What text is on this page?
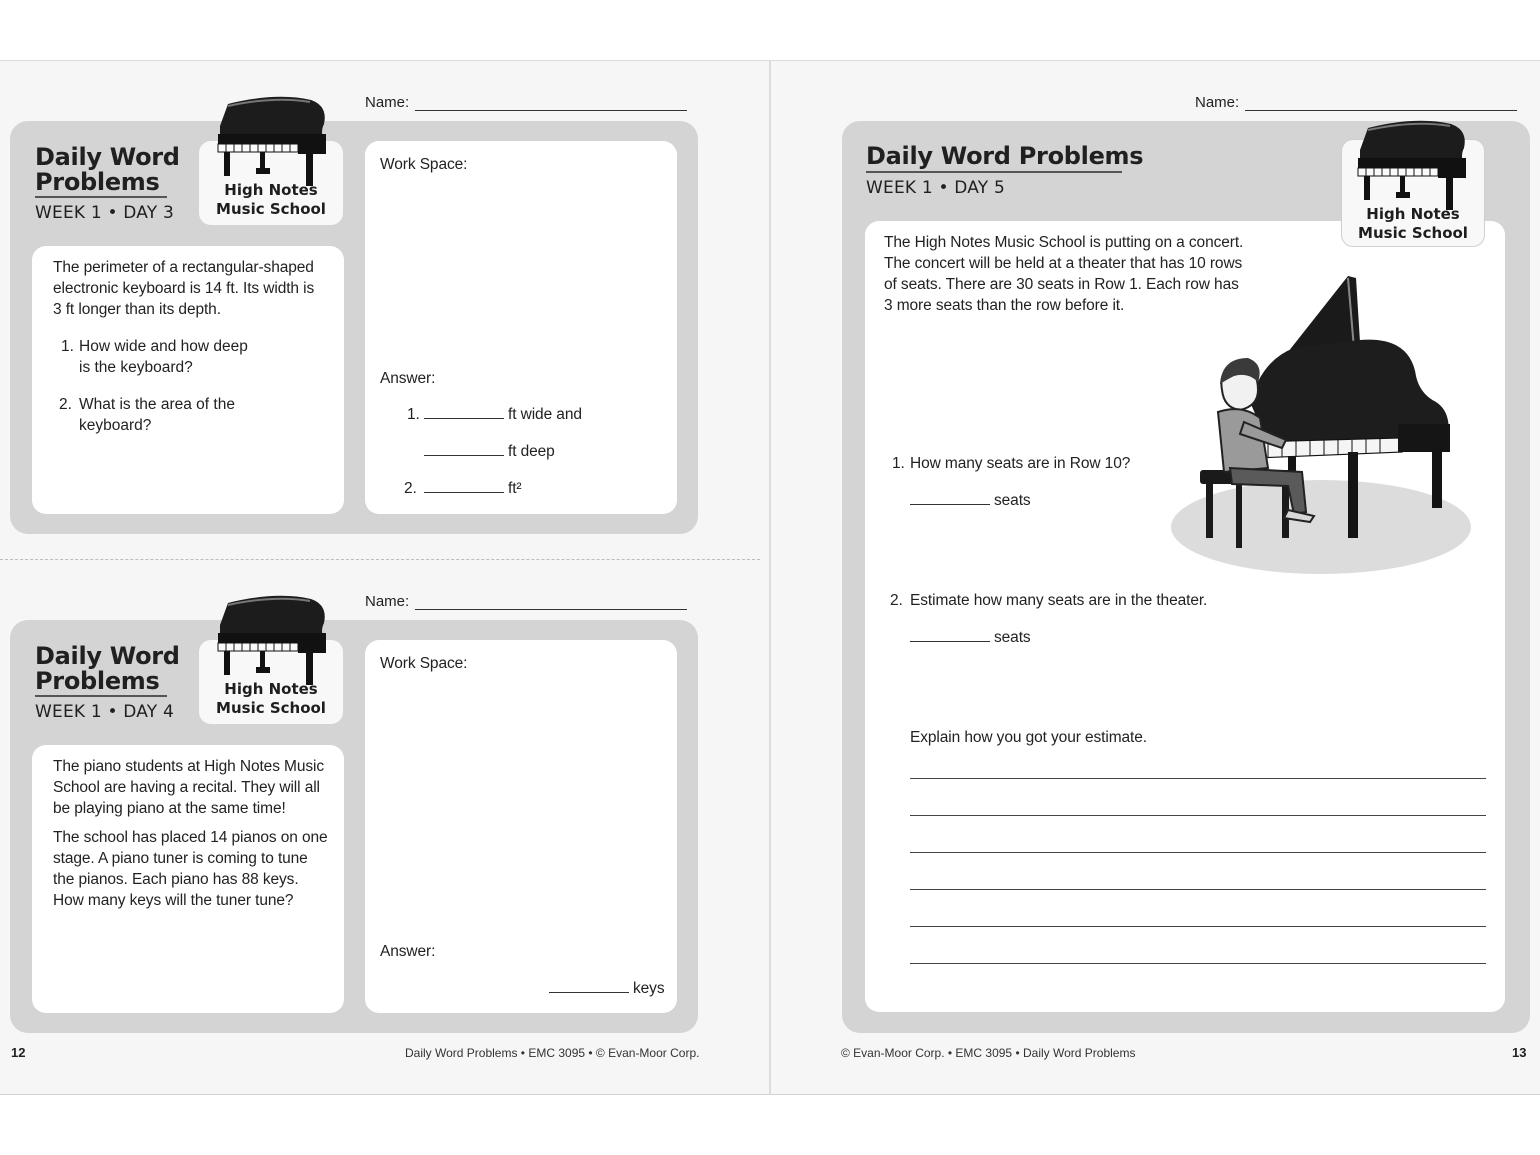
Name:
Daily Word
Problems
WEEK 1 • DAY 3
High Notes
Music School
The perimeter of a rectangular-shaped
electronic keyboard is 14 ft. Its width is
3 ft longer than its depth.
1. How wide and how deep
is the keyboard?
2. What is the area of the
keyboard?
Work Space:
Answer:
1.	ft wide and
ft deep
2.	ft²
Name:
Daily Word
Problems
WEEK 1 • DAY 4
High Notes
Music School
The piano students at High Notes Music
School are having a recital. They will all
be playing piano at the same time!
The school has placed 14 pianos on one
stage. A piano tuner is coming to tune
the pianos. Each piano has 88 keys.
How many keys will the tuner tune?
Work Space:
Answer:
keys
12	Daily Word Problems • EMC 3095 • © Evan-Moor Corp.
Name:
Daily Word Problems
WEEK 1 • DAY 5
High Notes
Music School
The High Notes Music School is putting on a concert.
The concert will be held at a theater that has 10 rows
of seats. There are 30 seats in Row 1. Each row has
3 more seats than the row before it.
1. How many seats are in Row 10?
seats
2. Estimate how many seats are in the theater.
seats
Explain how you got your estimate.
© Evan-Moor Corp. • EMC 3095 • Daily Word Problems	13
